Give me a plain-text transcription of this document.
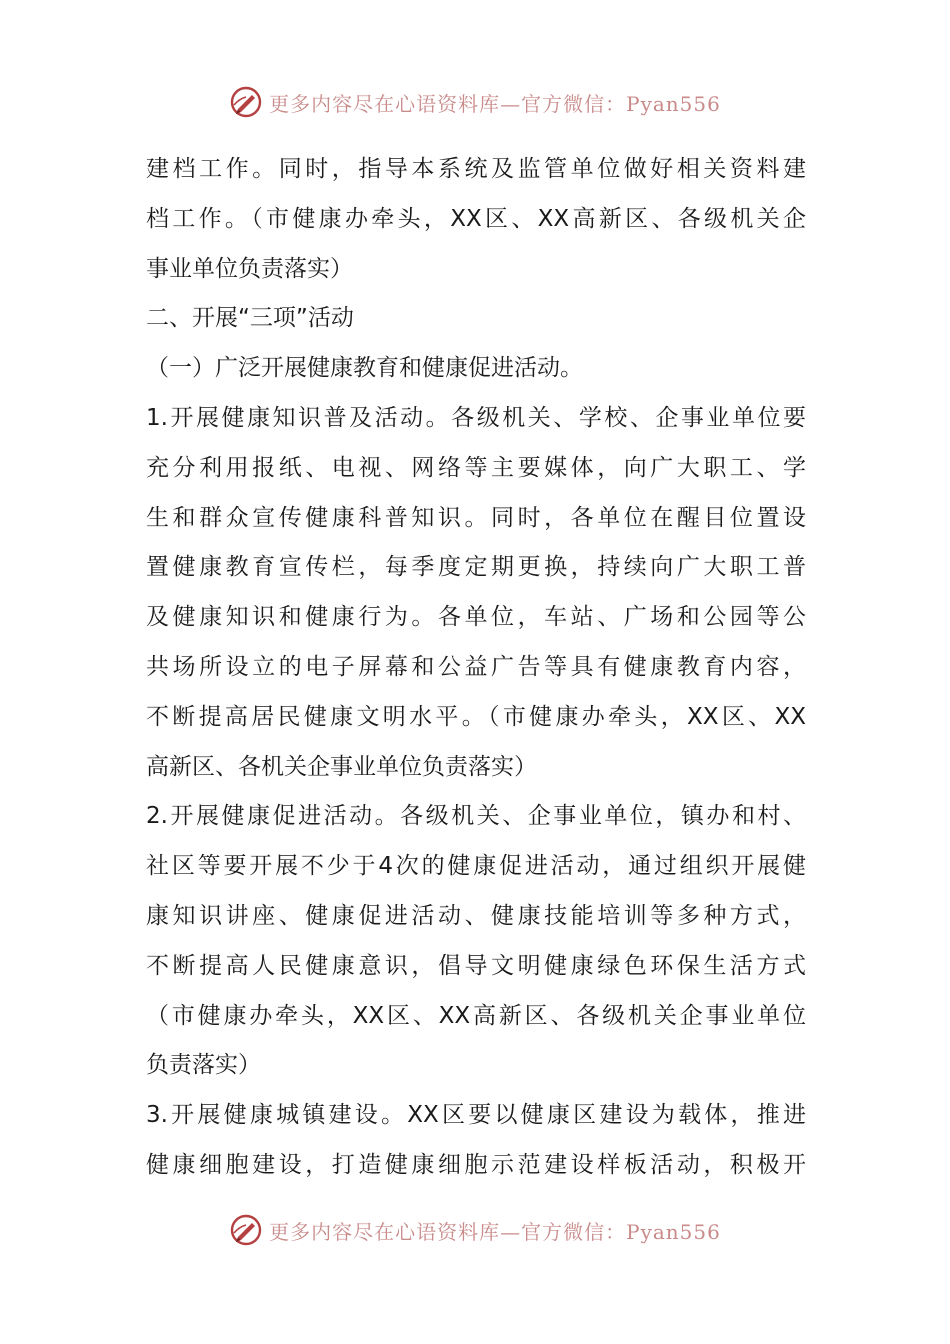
更多内容尽在心语资料库—官方微信：Pyan556
建档工作。同时，指导本系统及监管单位做好相关资料建
档工作。（市健康办牵头，XX区、XX高新区、各级机关企
事业单位负责落实）
二、开展“三项”活动
（一）广泛开展健康教育和健康促进活动。
1.开展健康知识普及活动。各级机关、学校、企事业单位要
充分利用报纸、电视、网络等主要媒体，向广大职工、学
生和群众宣传健康科普知识。同时，各单位在醒目位置设
置健康教育宣传栏，每季度定期更换，持续向广大职工普
及健康知识和健康行为。各单位，车站、广场和公园等公
共场所设立的电子屏幕和公益广告等具有健康教育内容，
不断提高居民健康文明水平。（市健康办牵头，XX区、XX
高新区、各机关企事业单位负责落实）
2.开展健康促进活动。各级机关、企事业单位，镇办和村、
社区等要开展不少于4次的健康促进活动，通过组织开展健
康知识讲座、健康促进活动、健康技能培训等多种方式，
不断提高人民健康意识，倡导文明健康绿色环保生活方式
（市健康办牵头，XX区、XX高新区、各级机关企事业单位
负责落实）
3.开展健康城镇建设。XX区要以健康区建设为载体，推进
健康细胞建设，打造健康细胞示范建设样板活动，积极开
更多内容尽在心语资料库—官方微信：Pyan556
